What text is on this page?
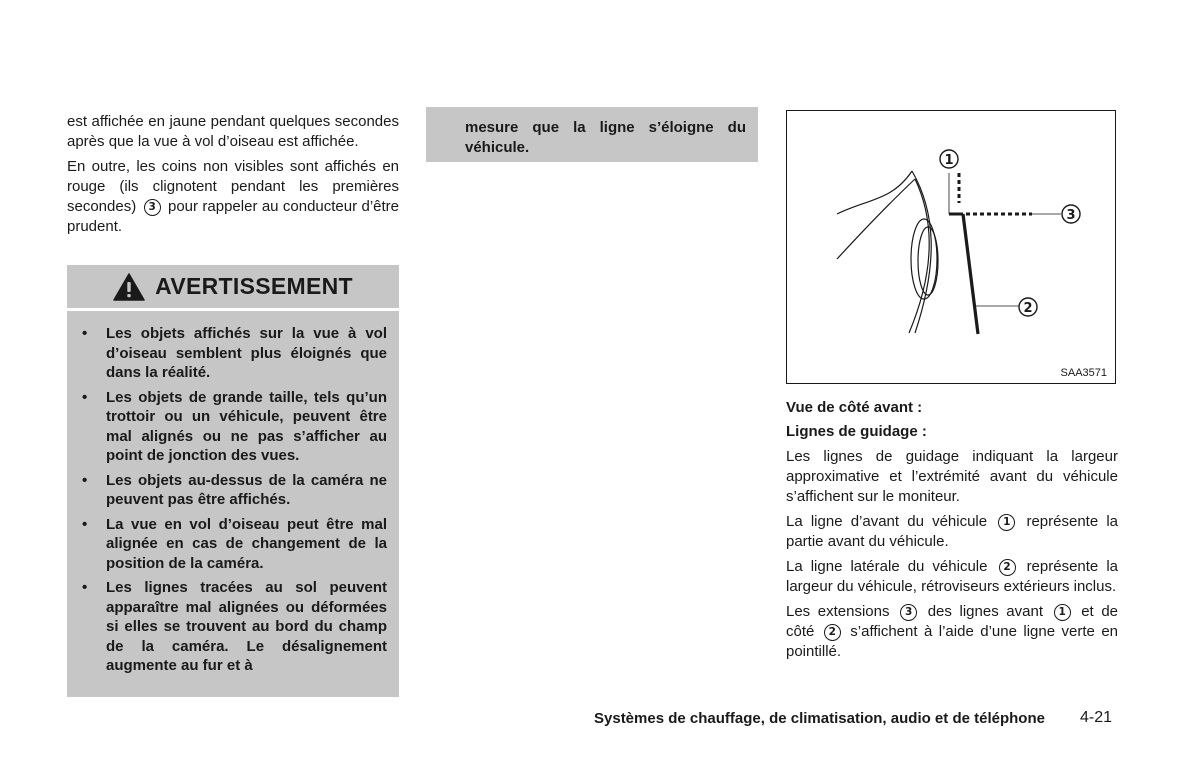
est affichée en jaune pendant quelques secondes après que la vue à vol d’oiseau est affichée.

En outre, les coins non visibles sont affichés en rouge (ils clignotent pendant les premières secondes) 3 pour rappeler au conducteur d’être prudent.

AVERTISSEMENT
• Les objets affichés sur la vue à vol d’oiseau semblent plus éloignés que dans la réalité.
• Les objets de grande taille, tels qu’un trottoir ou un véhicule, peuvent être mal alignés ou ne pas s’afficher au point de jonction des vues.
• Les objets au-dessus de la caméra ne peuvent pas être affichés.
• La vue en vol d’oiseau peut être mal alignée en cas de changement de la position de la caméra.
• Les lignes tracées au sol peuvent apparaître mal alignées ou déformées si elles se trouvent au bord du champ de la caméra. Le désalignement augmente au fur et à

mesure que la ligne s’éloigne du véhicule.

1
3
2
SAA3571

Vue de côté avant :

Lignes de guidage :

Les lignes de guidage indiquant la largeur approximative et l’extrémité avant du véhicule s’affichent sur le moniteur.

La ligne d’avant du véhicule 1 représente la partie avant du véhicule.

La ligne latérale du véhicule 2 représente la largeur du véhicule, rétroviseurs extérieurs inclus.

Les extensions 3 des lignes avant 1 et de côté 2 s’affichent à l’aide d’une ligne verte en pointillé.

Systèmes de chauffage, de climatisation, audio et de téléphone 4-21
